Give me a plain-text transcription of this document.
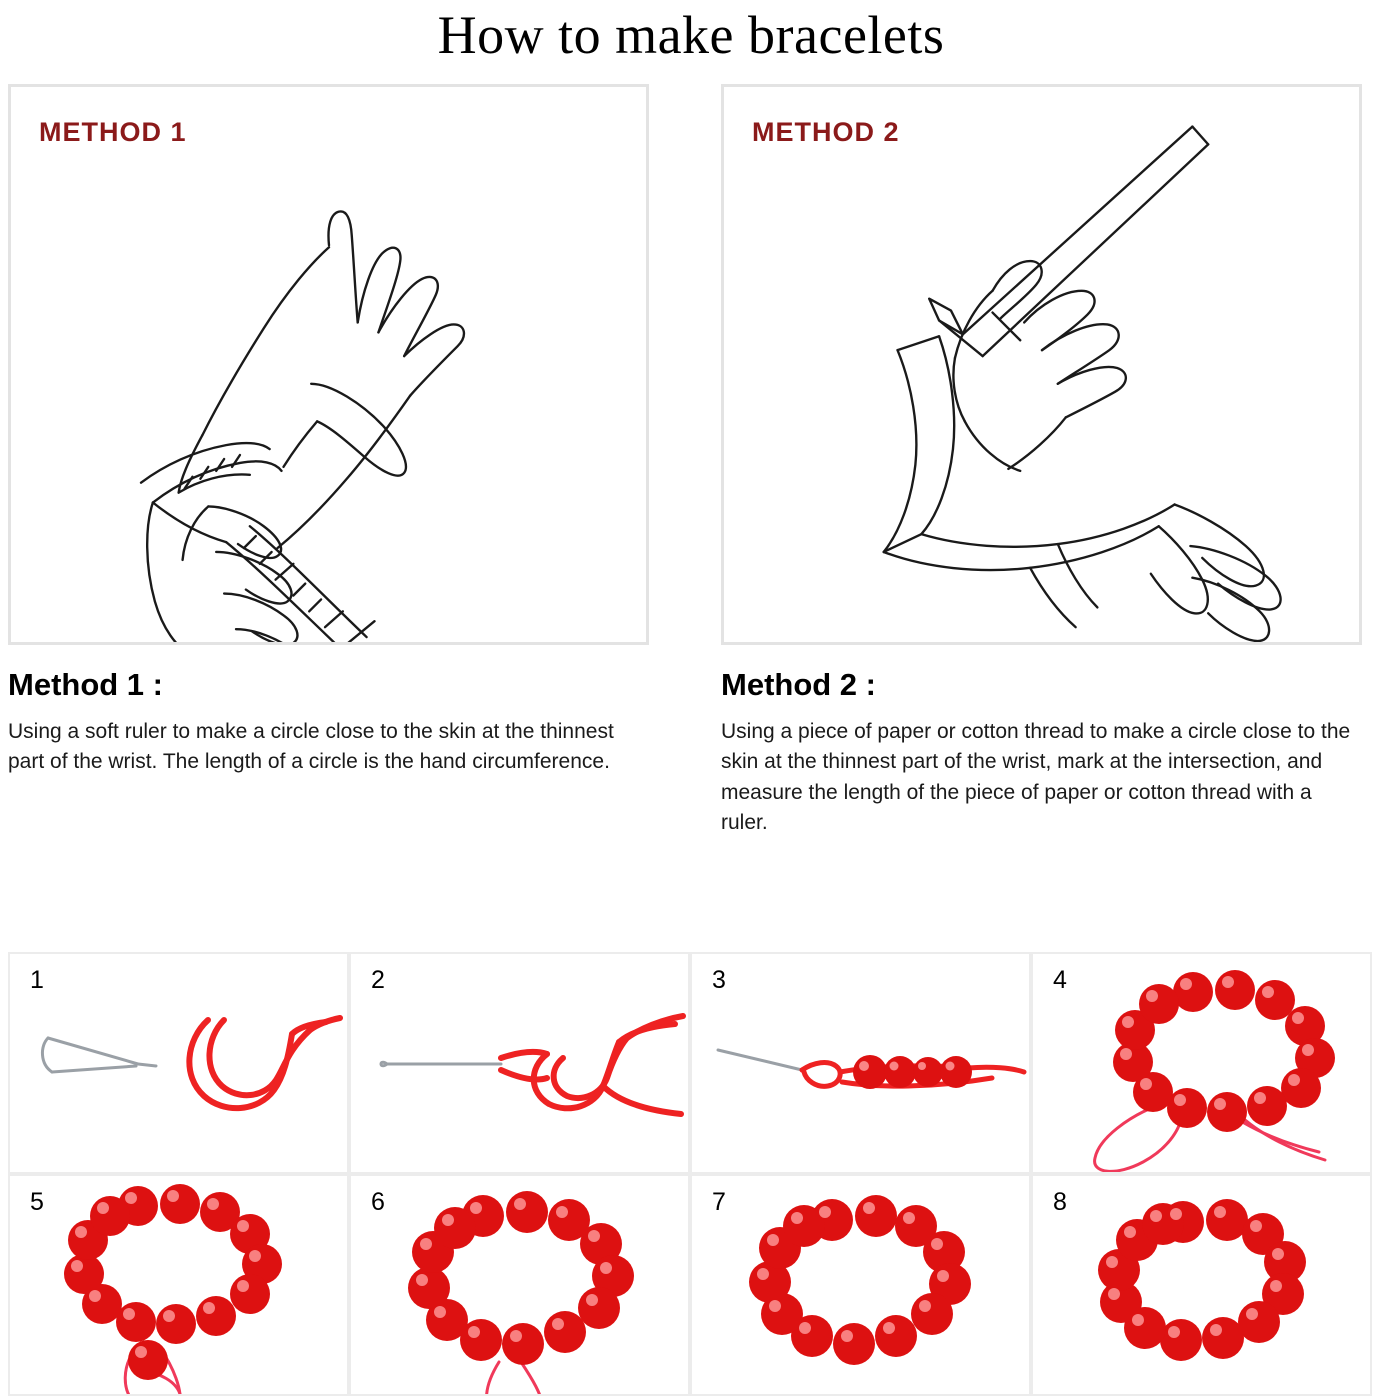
How to make bracelets
METHOD 1
Method 1 :
Using a soft ruler to make a circle close to the skin at the thinnest part of the wrist. The length of a circle is the hand circumference.
METHOD 2
Method 2 :
Using a piece of paper or cotton thread to make a circle close to the skin at the thinnest part of the wrist, mark at the intersection, and measure the length of the piece of paper or cotton thread with a ruler.
1	2	3	4
5	6	7	8
